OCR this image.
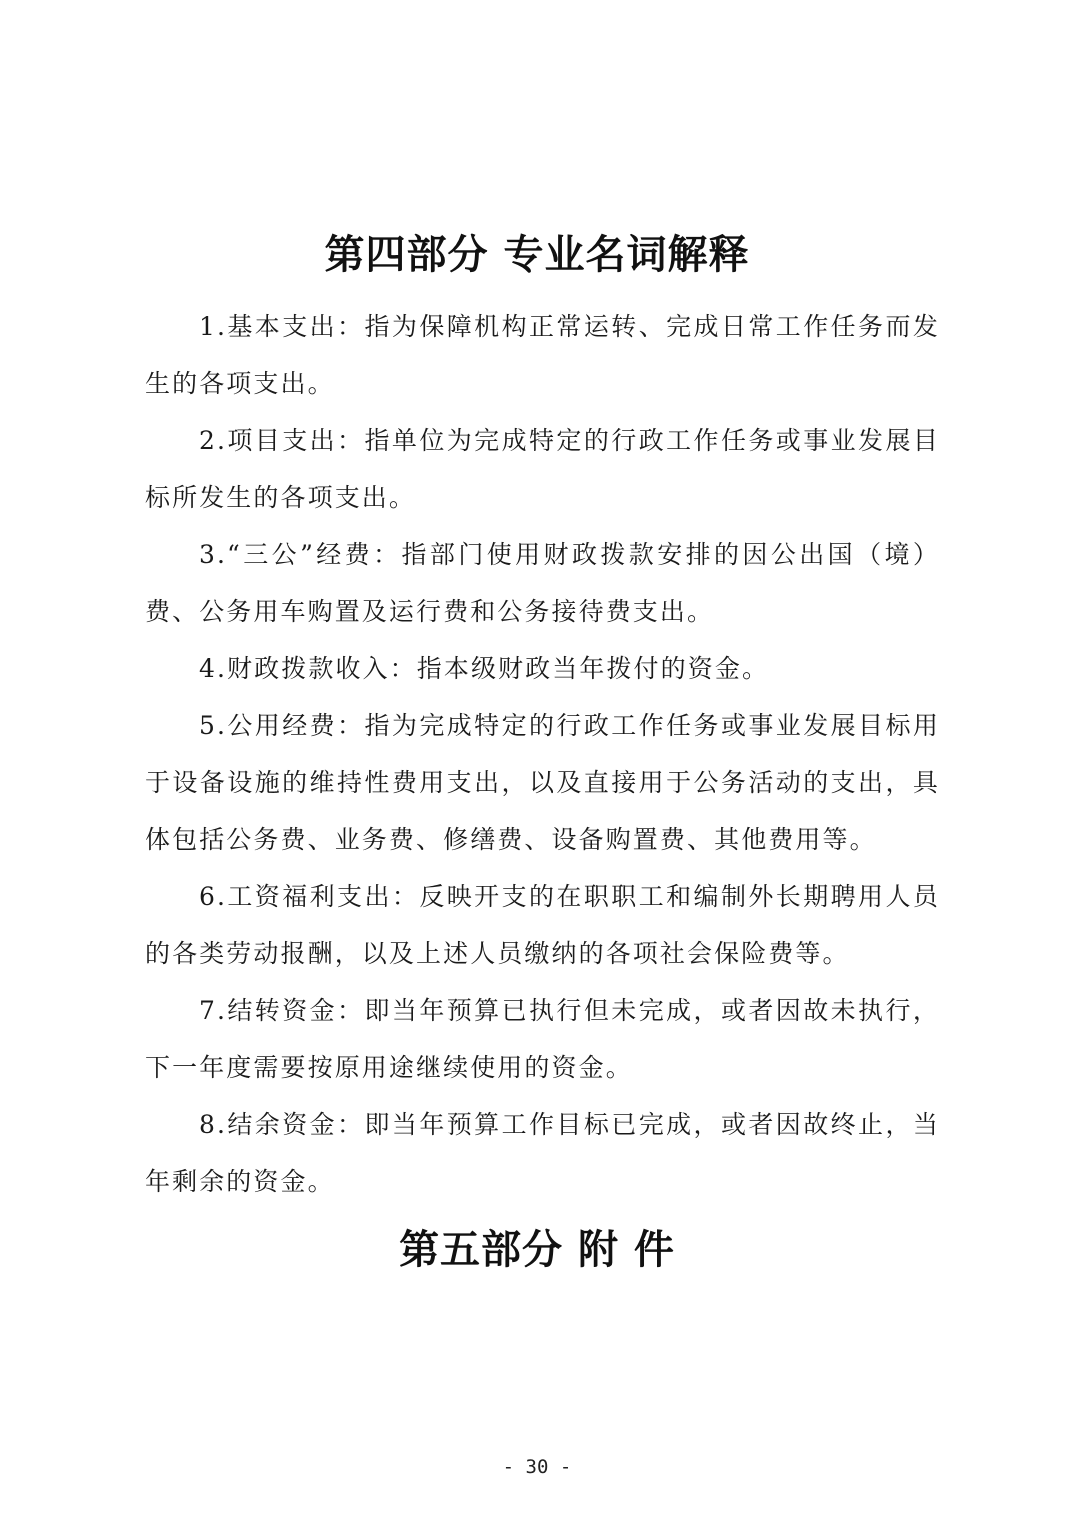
第四部分 专业名词解释

1.基本支出：指为保障机构正常运转、完成日常工作任务而发生的各项支出。

2.项目支出：指单位为完成特定的行政工作任务或事业发展目标所发生的各项支出。

3.“三公”经费：指部门使用财政拨款安排的因公出国（境）费、公务用车购置及运行费和公务接待费支出。

4.财政拨款收入：指本级财政当年拨付的资金。

5.公用经费：指为完成特定的行政工作任务或事业发展目标用于设备设施的维持性费用支出，以及直接用于公务活动的支出，具体包括公务费、业务费、修缮费、设备购置费、其他费用等。

6.工资福利支出：反映开支的在职职工和编制外长期聘用人员的各类劳动报酬，以及上述人员缴纳的各项社会保险费等。

7.结转资金：即当年预算已执行但未完成，或者因故未执行，下一年度需要按原用途继续使用的资金。

8.结余资金：即当年预算工作目标已完成，或者因故终止，当年剩余的资金。

第五部分 附 件
- 30 -
